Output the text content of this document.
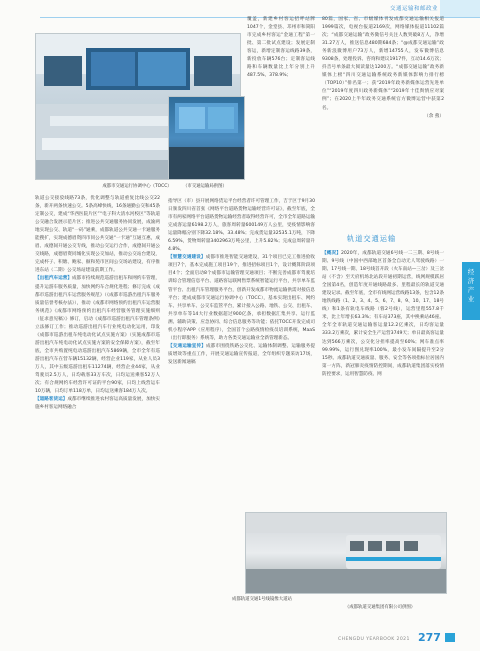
交通运输和邮政业
成都市交通运行协调中心（TOCC）	（市交通运输局供图）
轨道公交接驳线路73条，优化调整与轨道重复比线公交22条，新开两条快速公交。5条高峰快线，16条通勤公交和45条定制公交，建成“华西医院片区”“电子科大清水河校区”等轨道公交融合发展示范片区；推进公共交通服务协同发展，成渝两地实现公交、轨道“一码”通乘，成都轨道公共交通一卡通服务能搜扩，实现成德眉资四市同公共交通“一卡通”互通互惠，成眉、成德间开通公交专线，推动公交运行合作，成德间开通公交线路，成德眉资同城化实现公交加站，推动公交站台建设，完成杯子、积塘、鲍家、颐和苑市区间公交场站建设，有序推进东站（二期）公交场站建设前期工作。
【出租汽车运营】成都市持续规范巡游出租车和网约车管理，提升运游车服务质量，加快网约车合规化进程；修订完成《成都市巡游出租汽车运营服务规范》（《成都市巡游出租汽车服务质量信誉考核办法》），推动《成都市网络预约出租汽车运营服务规范》《成都市网络预约出租汽车经营服务管理实施细则（征求意见稿）》修订，启动《成都市巡游出租汽车管理条例》立法修订工作；推动巡游出租汽车行业纯电动化运用，印发《成都市巡游出租车纯电动化试点实施方案》（实施成都市巡游出租汽车纯电动化试点实施方案的安全保障方案），截至年底，全市共购置纯电动巡游出租汽车5869辆，全市全年有巡游出租汽车在营车辆15132辆，经营企业119家，从业人员3万人，其中五级巡游出租车11274辆，经营企业44家，从业驾驶员2.5万人，日均载客33万车次，日均运送乘客52万人次；有合规网约车经营许可证的平台90家，日均上线营运车10万辆，日均订单118万单，日均运送乘客184万人次。
【道路客货运】成都市继续推进农村客运高质量发展，加快实施乡村客运网络融合
覆盖，新建乡村客运招呼站牌1047个，金堂县、邛州市和简阳市完成乡村客运“金通工程”第一批、第二批试点建设；发展定制客运，新增定制客运线路39条，新投放车辆576台；定制客运线路和车辆数量比上年分别上升487.5%、378.9%；
指导区（市）县开展网络货运平台经营者许可管理工作，吉于区于9月30日颁发四川省首张《网络平台道路货物运输经营许可证》，截至年底，全市有两家网络平台道路货物运输经营者取得经营许可，全市全年道路运输完成客运量6198.2万人，旅客周转量600149万人公里，受疫情影响客运量降幅分别下降32.18%、33.48%；完成货运量32535.1万吨，下降6.59%，货物周转量3402963万吨公里，上升5.82%；完成总周转量升4.8%。
【智慧交通建设】成都市推进智能交通建设，31个项目已完工推进验收项目7个，基本完成施工项目19个，推进招标项目1个，设计概算阶段项目4个；全面启动8个成都市运输管理交通项目；不断完善成都市驾驶培训综合管理信息平台、道路客运联网售票系统智能运行平台，共享单车监管平台、出租汽车管理服务平台，创新开发成都市物流运输供需对接信息平台；建成成都市交通运行协调中心（TOCC），基本实现出租车、网约车、共享单车、公交车监管平台，累计接入公路、地铁、公交、出租车、共享单车等14大行业数据超过900亿条，承担数据汇集共享、运行监测、辅助决策、应急协同、综合信息服务等功能；依托TOCC开发完成司机小程序APP（应用程序），全国首个公路疫情检疫员培训系统，MaaS（出行即服务）系统等，助力各类交通运输业全新管理新态。
【交通运输宣传】成都市围绕铁路公交化、运输体制调整、运输服务提质增效等重点工作，开展交通运输宣传报道，全年组织专题采访17场，发送新闻通稿
80篇，国家、省、市级媒体刊发成都交通运输相关报道1999篇次，电视台报道2169次，网络媒体报道11102篇次；“成都交通运输”政务微信号关注人数突破8万人，净增31.27万人，推送信息480期684条；“@成都交通运输”政务新浪微博用户73万人，新增14755人，发布微博信息9308条，处理投诉、咨询和建议1917件，互动14.6万次；抖音号单条最大阅读量达1200万。“成都交通运输”政务新媒体上榜“四川交通运输系统政务新媒体影响力排行榜（TOP10）”排名第一；获“2019年政务新媒体运营先进单位”“2019年度四川政务新媒体”“2019年十佳舆情应对案例”；在2020上半年政务交通系统官方微博运营中获第2名。
（余 燕）
轨道交通运输
【概况】2020年，成都轨道交通6号线一二三期、8号线一期、9号线（中国中西部地区首条全自动无人驾驶线路）一期、17号线一期、18号线首开段（火车南站—三岔）及三岔站（不含）至天府机场北站段开通初期运营，线网规模跃居全国第4名，创造年度开通线路最多、里程最长的轨道交通建设记录。截至年底，全市有线网运营线路13条，包含12条地铁线路（1、2、3、4、5、6、7、8、9、10、17、18号线）和1条有轨电车线路（蓉2号线），运营里程557.8千米，比上年增长63.3%；有车站373座，其中换乘站46座。全年全市轨道交通运输客运量12.2亿乘次，日均客运量333.2万乘次，累计安全生产运营3749天；单日最高客运量达到566万乘次，公交化分担率提高至60%；网车准点率99.99%，运行图兑现率100%，最小发车间隔提升至2分15秒。成都轨道交通质量、服务、安全等各项指标位居国内第一方阵，新冠肺炎疫情防控期间，成都轨道集团落实疫情防控要求，运用智慧防疫、网
经济产业
成都轨道交通1号线镜像大道站
（成都轨道交通集团有限公司供图）
CHENGDU YEARBOOK 2021 277
